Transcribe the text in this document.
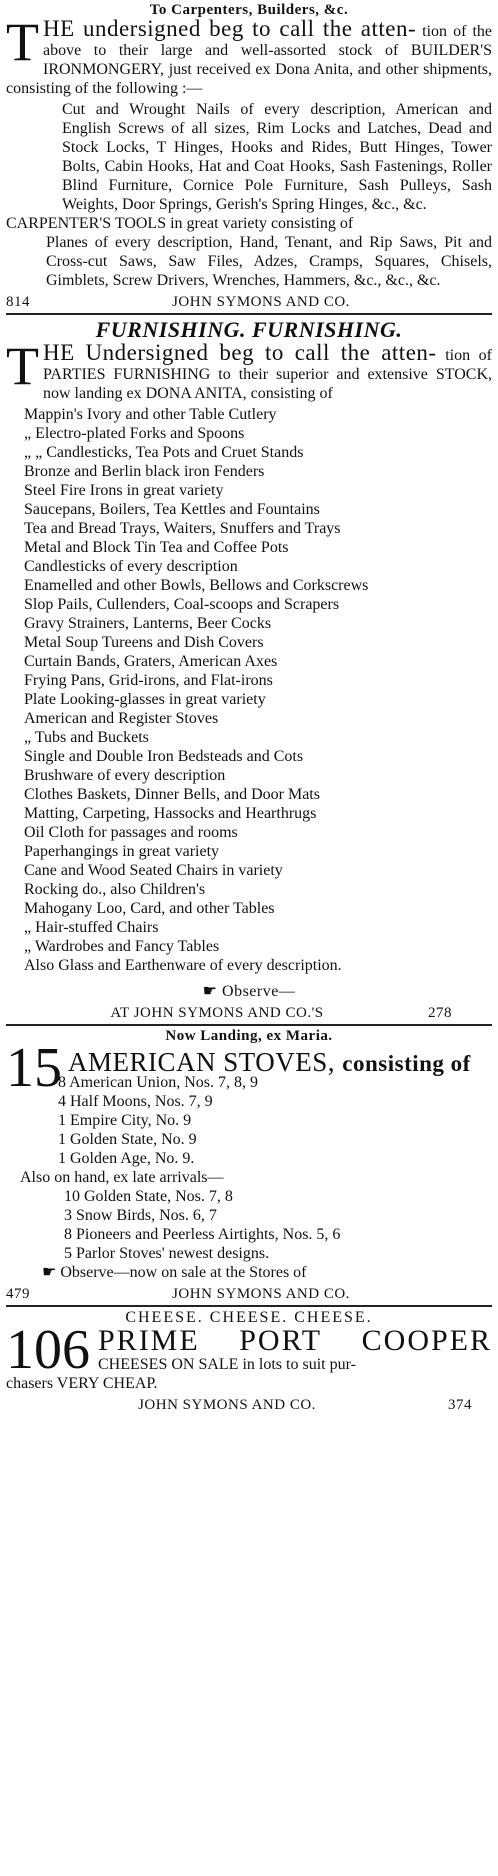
To Carpenters, Builders, &c.
T HE undersigned beg to call the atten- tion of the above to their large and well-assorted stock of BUILDER'S IRONMONGERY, just received ex Dona Anita, and other shipments, consisting of the following :—

Cut and Wrought Nails of every description, American and English Screws of all sizes, Rim Locks and Latches, Dead and Stock Locks, T Hinges, Hooks and Rides, Butt Hinges, Tower Bolts, Cabin Hooks, Hat and Coat Hooks, Sash Fastenings, Roller Blind Furniture, Cornice Pole Furniture, Sash Pulleys, Sash Weights, Door Springs, Gerish's Spring Hinges, &c., &c.

CARPENTER'S TOOLS in great variety consisting of

Planes of every description, Hand, Tenant, and Rip Saws, Pit and Cross-cut Saws, Saw Files, Adzes, Cramps, Squares, Chisels, Gimblets, Screw Drivers, Wrenches, Hammers, &c., &c., &c.

814	JOHN SYMONS AND CO.
FURNISHING. FURNISHING.
T HE Undersigned beg to call the atten- tion of PARTIES FURNISHING to their superior and extensive STOCK, now landing ex DONA ANITA, consisting of

Mappin's Ivory and other Table Cutlery
„ Electro-plated Forks and Spoons
„ „ Candlesticks, Tea Pots and Cruet Stands
Bronze and Berlin black iron Fenders
Steel Fire Irons in great variety
Saucepans, Boilers, Tea Kettles and Fountains
Tea and Bread Trays, Waiters, Snuffers and Trays
Metal and Block Tin Tea and Coffee Pots
Candlesticks of every description
Enamelled and other Bowls, Bellows and Corkscrews
Slop Pails, Cullenders, Coal-scoops and Scrapers
Gravy Strainers, Lanterns, Beer Cocks
Metal Soup Tureens and Dish Covers
Curtain Bands, Graters, American Axes
Frying Pans, Grid-irons, and Flat-irons
Plate Looking-glasses in great variety
American and Register Stoves
„ Tubs and Buckets
Single and Double Iron Bedsteads and Cots
Brushware of every description
Clothes Baskets, Dinner Bells, and Door Mats
Matting, Carpeting, Hassocks and Hearthrugs
Oil Cloth for passages and rooms
Paperhangings in great variety
Cane and Wood Seated Chairs in variety
Rocking do., also Children's
Mahogany Loo, Card, and other Tables
„ Hair-stuffed Chairs
„ Wardrobes and Fancy Tables
Also Glass and Earthenware of every description.
☛ Observe—
AT JOHN SYMONS AND CO.'S	278
Now Landing, ex Maria.
15 AMERICAN STOVES, consisting of
8 American Union, Nos. 7, 8, 9
4 Half Moons, Nos. 7, 9
1 Empire City, No. 9
1 Golden State, No. 9
1 Golden Age, No. 9.
Also on hand, ex late arrivals—
10 Golden State, Nos. 7, 8
3 Snow Birds, Nos. 6, 7
8 Pioneers and Peerless Airtights, Nos. 5, 6
5 Parlor Stoves' newest designs.
☛ Observe—now on sale at the Stores of
479	JOHN SYMONS AND CO.
CHEESE. CHEESE. CHEESE.
106 PRIME PORT COOPER
CHEESES ON SALE in lots to suit pur-
chasers VERY CHEAP.
JOHN SYMONS AND CO.	374
